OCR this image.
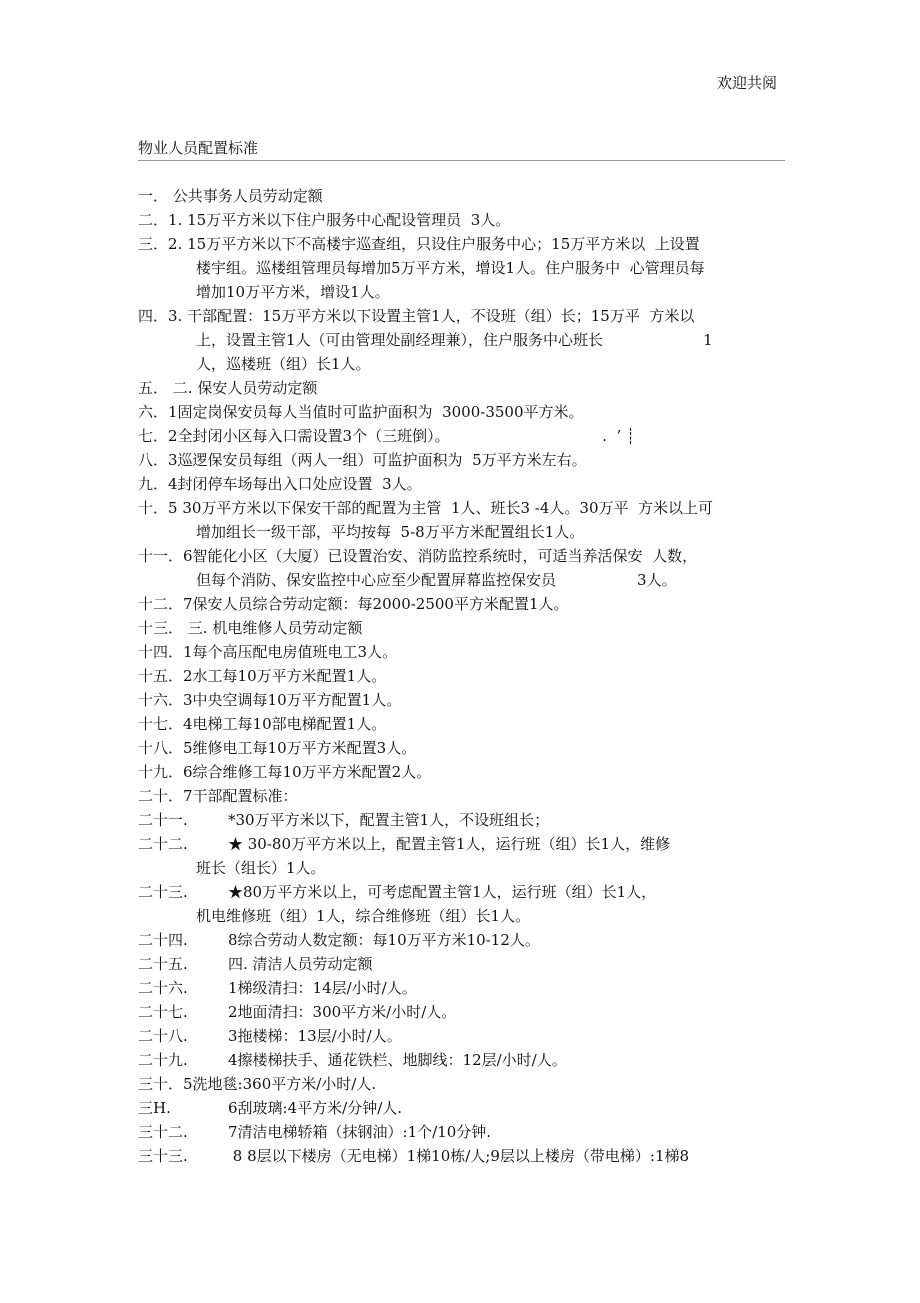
欢迎共阅
物业人员配置标准
一． 公共事务人员劳动定额
二． 1. 15万平方米以下住户服务中心配设管理员  3人。
三． 2. 15万平方米以下不高楼宇巡查组，只设住户服务中心；15万平方米以  上设置
楼宇组。巡楼组管理员每增加5万平方米，增设1人。住户服务中  心管理员每
增加10万平方米，增设1人。
四． 3. 干部配置：15万平方米以下设置主管1人，不设班（组）长；15万平  方米以
上，设置主管1人（可由管理处副经理兼），住户服务中心班长                     1
人，巡楼班（组）长1人。
五． 二. 保安人员劳动定额
六． 1固定岗保安员每人当值时可监护面积为  3000-3500平方米。
七． 2全封闭小区每入口需设置3个（三班倒）。                                .  ’ ┊
八． 3巡逻保安员每组（两人一组）可监护面积为  5万平方米左右。
九． 4封闭停车场每出入口处应设置  3人。
十． 5 30万平方米以下保安干部的配置为主管  1人、班长3 -4人。30万平  方米以上可
增加组长一级干部，平均按每  5-8万平方米配置组长1人。
十一． 6智能化小区（大厦）已设置治安、消防监控系统时，可适当养活保安  人数，
但每个消防、保安监控中心应至少配置屏幕监控保安员                 3人。
十二． 7保安人员综合劳动定额：每2000-2500平方米配置1人。
十三． 三. 机电维修人员劳动定额
十四． 1每个高压配电房值班电工3人。
十五． 2水工每10万平方米配置1人。
十六． 3中央空调每10万平方配置1人。
十七． 4电梯工每10部电梯配置1人。
十八． 5维修电工每10万平方米配置3人。
十九． 6综合维修工每10万平方米配置2人。
二十． 7干部配置标准：
二十一.	*30万平方米以下，配置主管1人，不设班组长；
二十二.	★ 30-80万平方米以上，配置主管1人，运行班（组）长1人，维修
班长（组长）1人。
二十三.	★80万平方米以上，可考虑配置主管1人，运行班（组）长1人，
机电维修班（组）1人，综合维修班（组）长1人。
二十四.	8综合劳动人数定额：每10万平方米10-12人。
二十五.	四. 清洁人员劳动定额
二十六.	1梯级清扫：14层/小时/人。
二十七.	2地面清扫：300平方米/小时/人。
二十八.	3拖楼梯：13层/小时/人。
二十九.	4擦楼梯扶手、通花铁栏、地脚线：12层/小时/人。
三十． 5洗地毯:360平方米/小时/人.
三H.	6刮玻璃:4平方米/分钟/人.
三十二.	7清洁电梯轿箱（抹钢油）:1个/10分钟.
三十三.	8 8层以下楼房（无电梯）1梯10栋/人;9层以上楼房（带电梯）:1梯8
